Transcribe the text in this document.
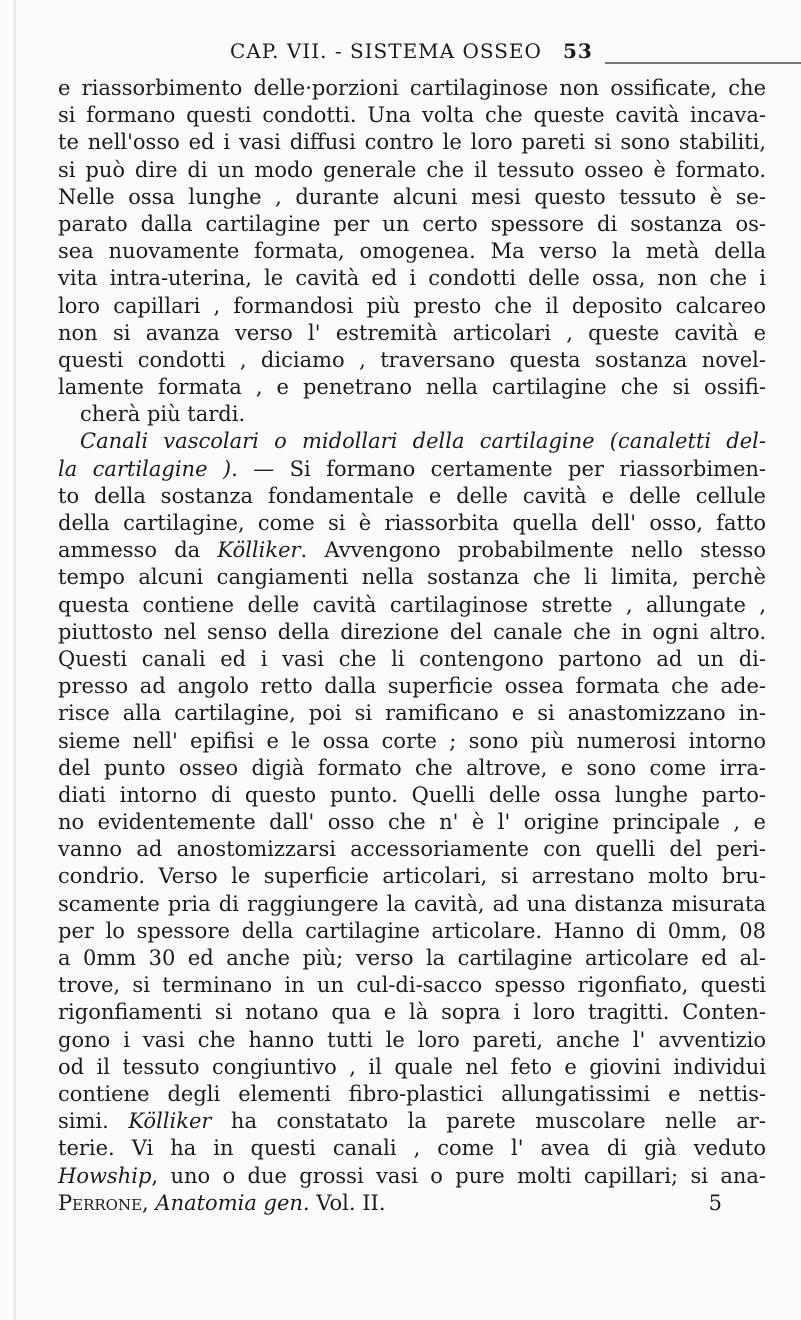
CAP. VII. - SISTEMA OSSEO 53
e riassorbimento delle·porzioni cartilaginose non ossificate, che
si formano questi condotti. Una volta che queste cavità incava-
te nell'osso ed i vasi diffusi contro le loro pareti si sono stabiliti,
si può dire di un modo generale che il tessuto osseo è formato.
Nelle ossa lunghe , durante alcuni mesi questo tessuto è se-
parato dalla cartilagine per un certo spessore di sostanza os-
sea nuovamente formata, omogenea. Ma verso la metà della
vita intra-uterina, le cavità ed i condotti delle ossa, non che i
loro capillari , formandosi più presto che il deposito calcareo
non si avanza verso l' estremità articolari , queste cavità e
questi condotti , diciamo , traversano questa sostanza novel-
lamente formata , e penetrano nella cartilagine che si ossifi-
cherà più tardi.
Canali vascolari o midollari della cartilagine (canaletti del-
la cartilagine ). — Si formano certamente per riassorbimen-
to della sostanza fondamentale e delle cavità e delle cellule
della cartilagine, come si è riassorbita quella dell' osso, fatto
ammesso da Kölliker. Avvengono probabilmente nello stesso
tempo alcuni cangiamenti nella sostanza che li limita, perchè
questa contiene delle cavità cartilaginose strette , allungate ,
piuttosto nel senso della direzione del canale che in ogni altro.
Questi canali ed i vasi che li contengono partono ad un di-
presso ad angolo retto dalla superficie ossea formata che ade-
risce alla cartilagine, poi si ramificano e si anastomizzano in-
sieme nell' epifisi e le ossa corte ; sono più numerosi intorno
del punto osseo digià formato che altrove, e sono come irra-
diati intorno di questo punto. Quelli delle ossa lunghe parto-
no evidentemente dall' osso che n' è l' origine principale , e
vanno ad anostomizzarsi accessoriamente con quelli del peri-
condrio. Verso le superficie articolari, si arrestano molto bru-
scamente pria di raggiungere la cavità, ad una distanza misurata
per lo spessore della cartilagine articolare. Hanno di 0mm, 08
a 0mm 30 ed anche più; verso la cartilagine articolare ed al-
trove, si terminano in un cul-di-sacco spesso rigonfiato, questi
rigonfiamenti si notano qua e là sopra i loro tragitti. Conten-
gono i vasi che hanno tutti le loro pareti, anche l' avventizio
od il tessuto congiuntivo , il quale nel feto e giovini individui
contiene degli elementi fibro-plastici allungatissimi e nettis-
simi. Kölliker ha constatato la parete muscolare nelle ar-
terie. Vi ha in questi canali , come l' avea di già veduto
Howship, uno o due grossi vasi o pure molti capillari; si ana-
Perrone, Anatomia gen. Vol. II.	5
